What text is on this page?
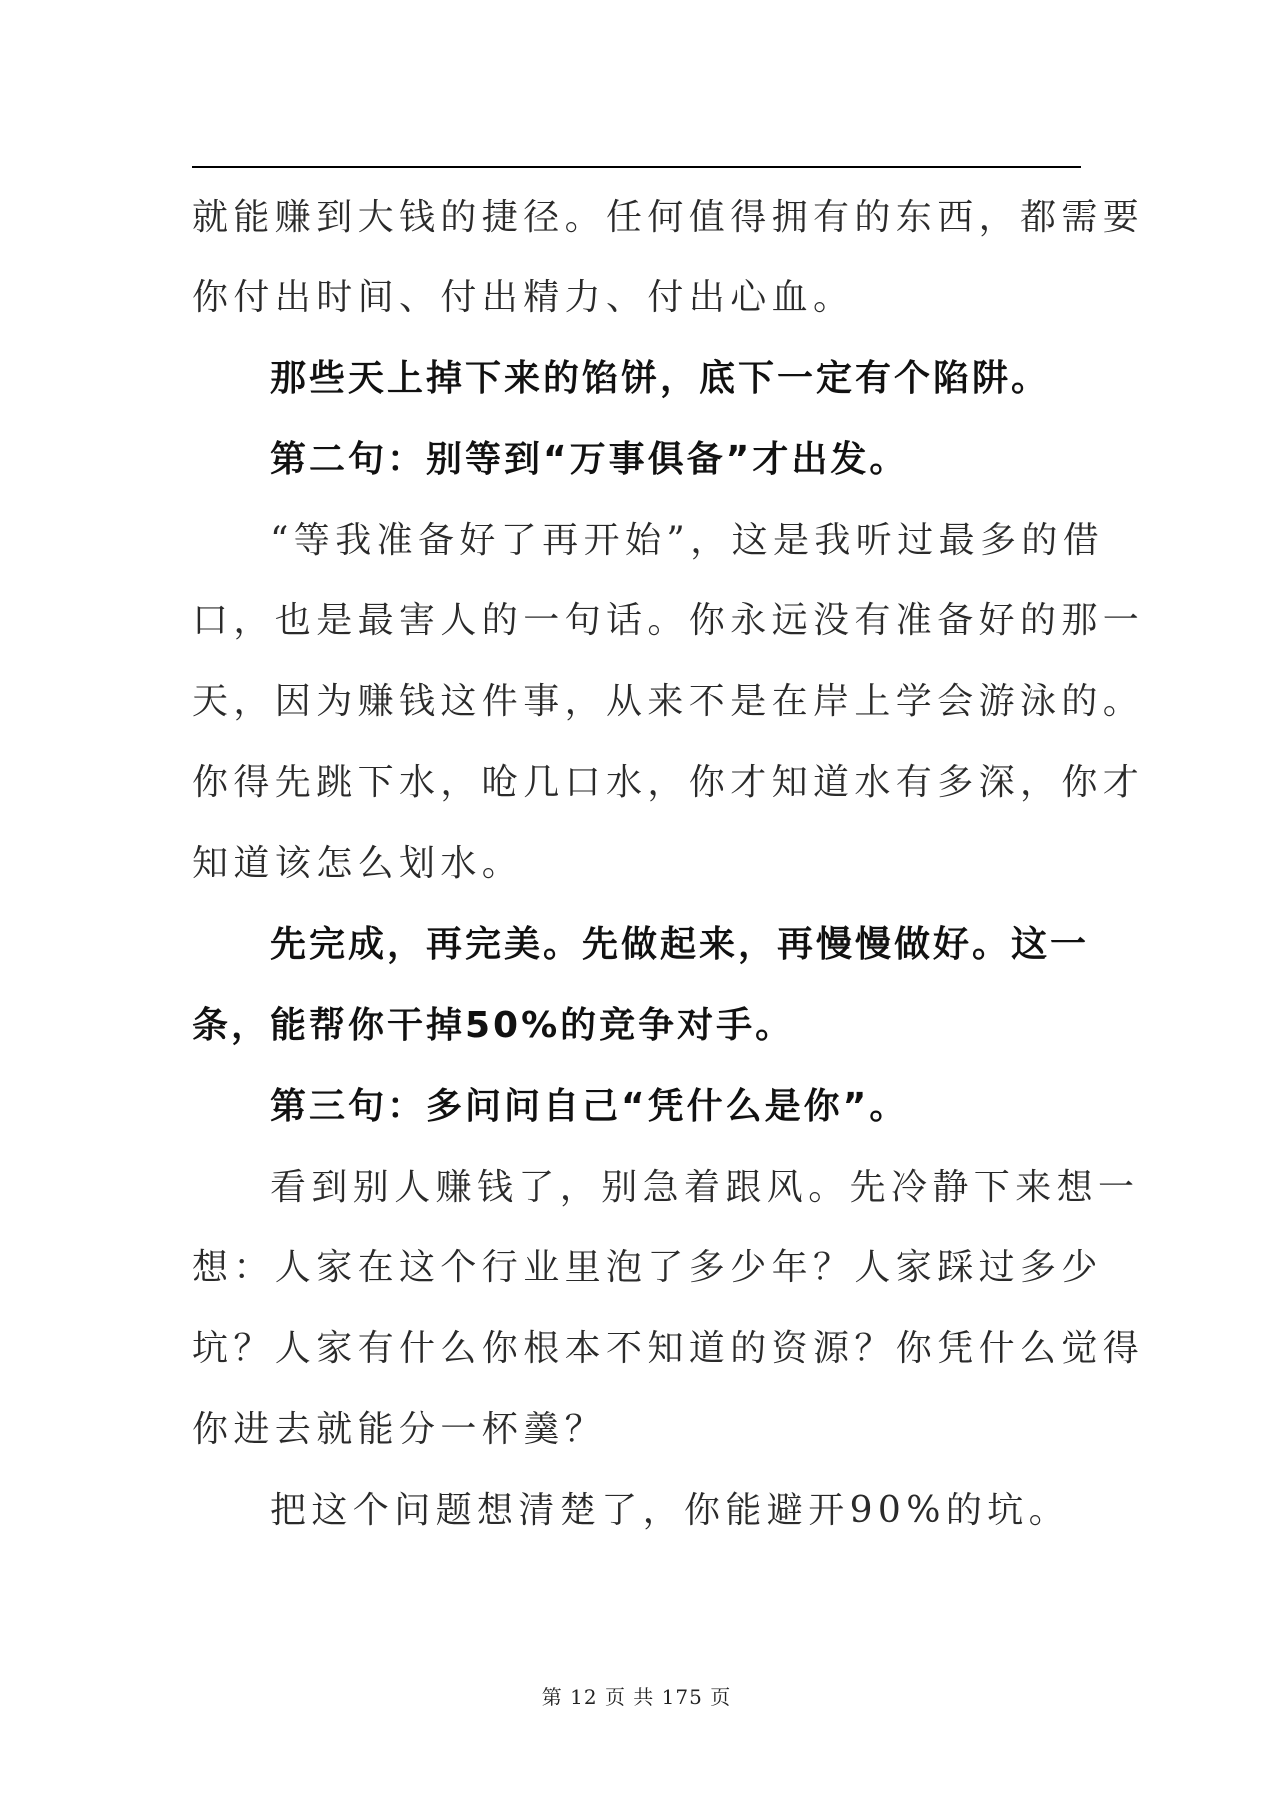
就能赚到大钱的捷径。任何值得拥有的东西，都需要
你付出时间、付出精力、付出心血。
那些天上掉下来的馅饼，底下一定有个陷阱。
第二句：别等到“万事俱备”才出发。
“等我准备好了再开始”，这是我听过最多的借
口，也是最害人的一句话。你永远没有准备好的那一
天，因为赚钱这件事，从来不是在岸上学会游泳的。
你得先跳下水，呛几口水，你才知道水有多深，你才
知道该怎么划水。
先完成，再完美。先做起来，再慢慢做好。这一
条，能帮你干掉50%的竞争对手。
第三句：多问问自己“凭什么是你”。
看到别人赚钱了，别急着跟风。先冷静下来想一
想：人家在这个行业里泡了多少年？人家踩过多少
坑？人家有什么你根本不知道的资源？你凭什么觉得
你进去就能分一杯羹？
把这个问题想清楚了，你能避开90%的坑。
第 12 页 共 175 页
